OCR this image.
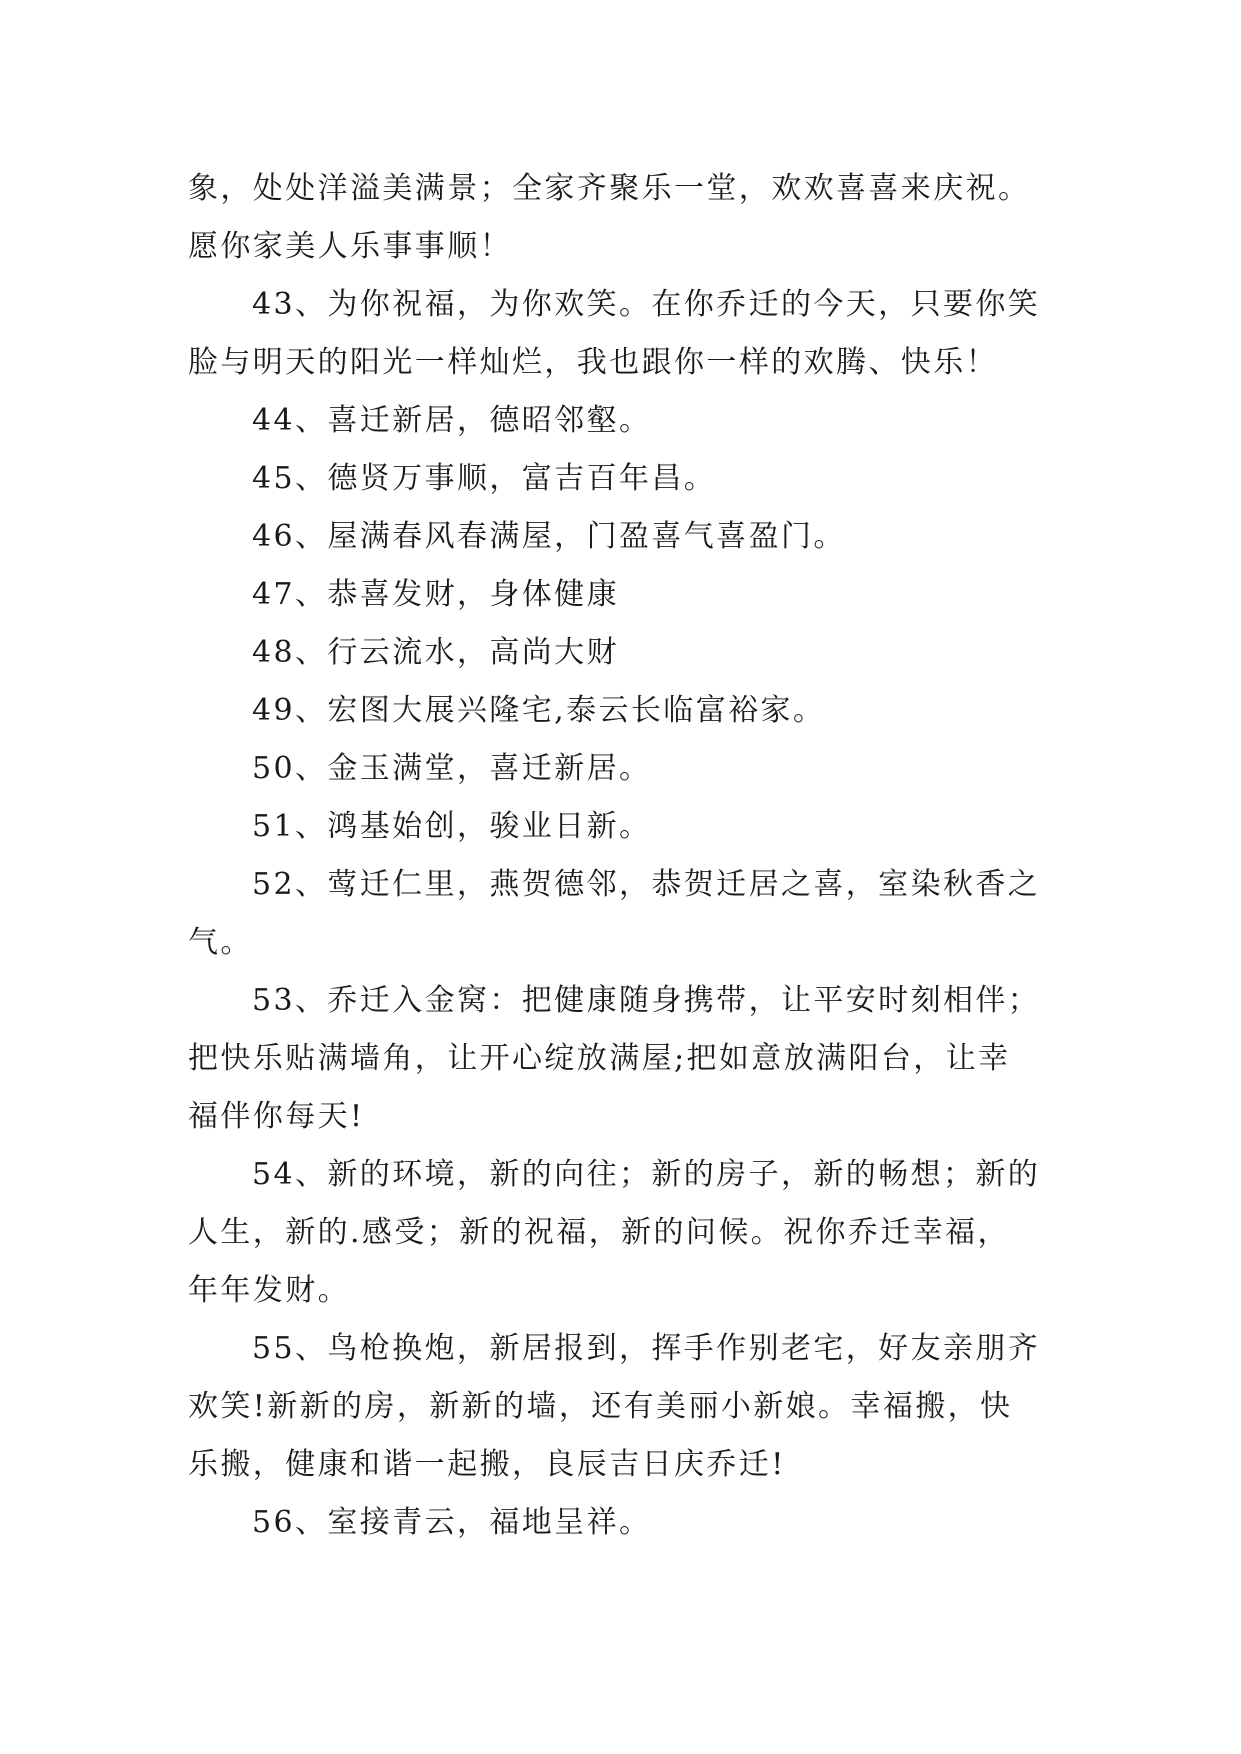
象，处处洋溢美满景；全家齐聚乐一堂，欢欢喜喜来庆祝。
愿你家美人乐事事顺！

43、为你祝福，为你欢笑。在你乔迁的今天，只要你笑
脸与明天的阳光一样灿烂，我也跟你一样的欢腾、快乐！

44、喜迁新居，德昭邻壑。

45、德贤万事顺，富吉百年昌。

46、屋满春风春满屋，门盈喜气喜盈门。

47、恭喜发财，身体健康

48、行云流水，高尚大财

49、宏图大展兴隆宅,泰云长临富裕家。

50、金玉满堂，喜迁新居。

51、鸿基始创，骏业日新。

52、莺迁仁里，燕贺德邻，恭贺迁居之喜，室染秋香之
气。

53、乔迁入金窝：把健康随身携带，让平安时刻相伴；
把快乐贴满墙角，让开心绽放满屋;把如意放满阳台，让幸
福伴你每天!

54、新的环境，新的向往；新的房子，新的畅想；新的
人生，新的.感受；新的祝福，新的问候。祝你乔迁幸福，
年年发财。

55、鸟枪换炮，新居报到，挥手作别老宅，好友亲朋齐
欢笑!新新的房，新新的墙，还有美丽小新娘。幸福搬，快
乐搬，健康和谐一起搬，良辰吉日庆乔迁!

56、室接青云，福地呈祥。
